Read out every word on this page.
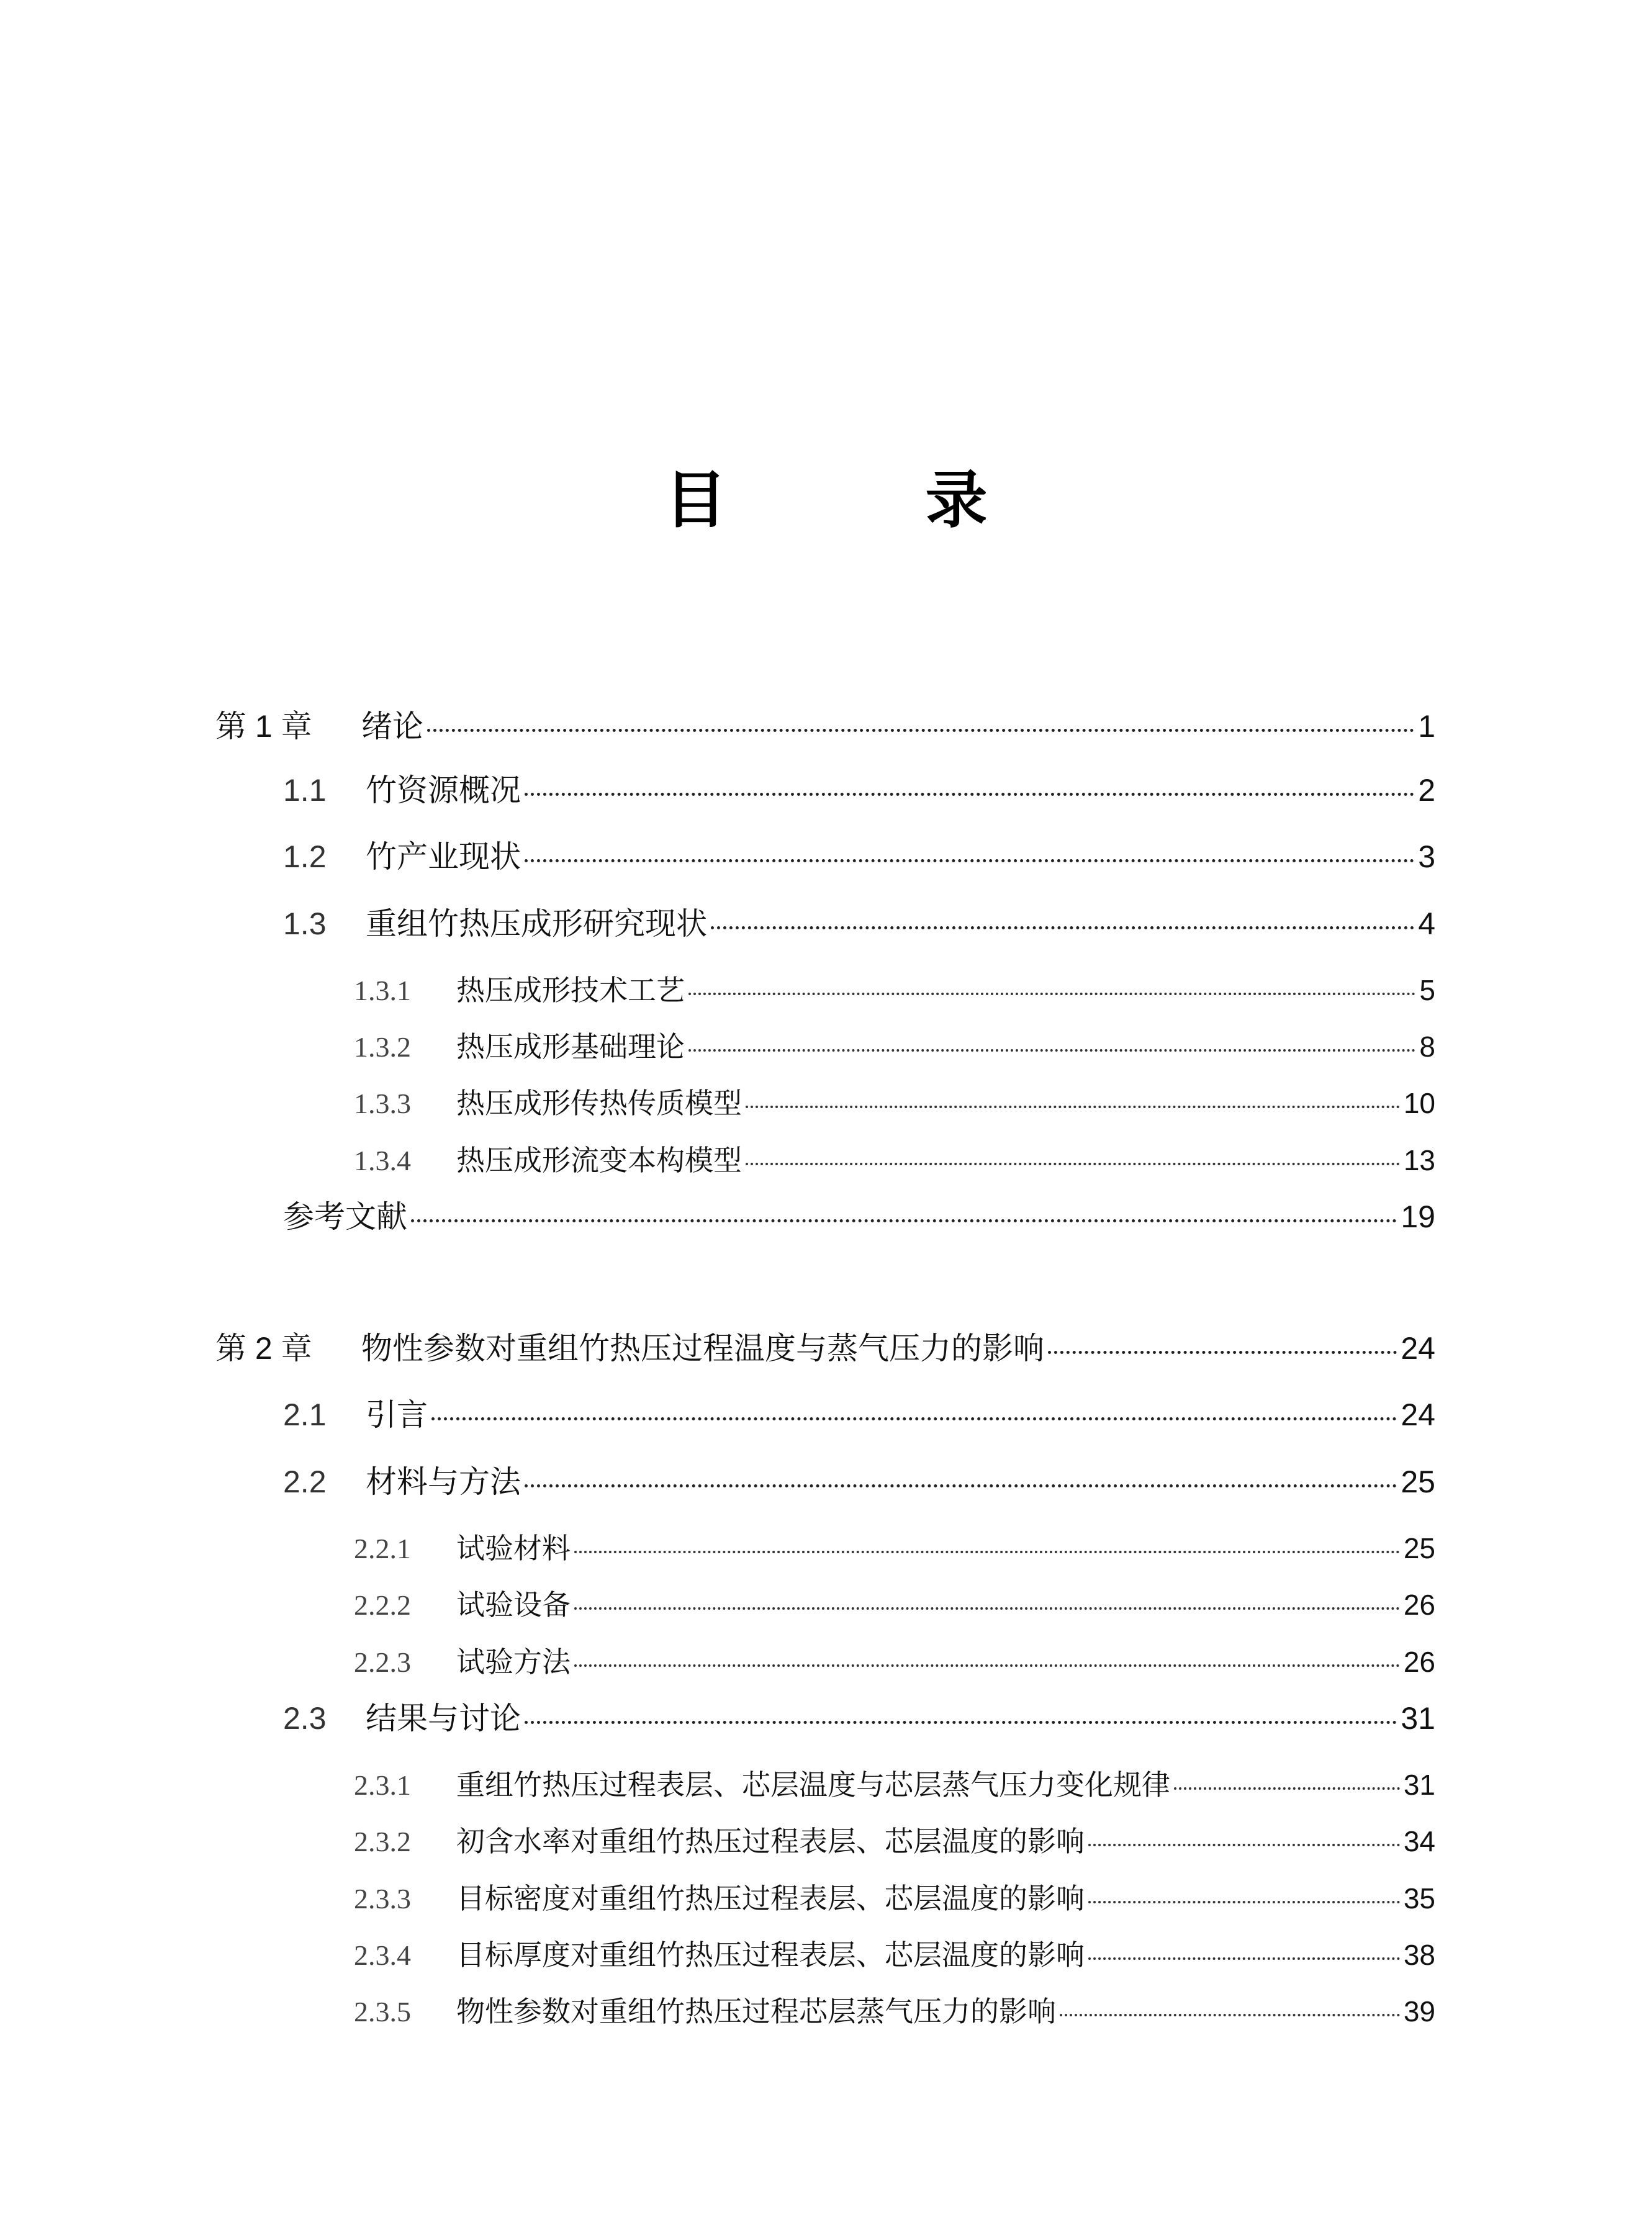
目　录
第 1 章	绪论	1
1.1	竹资源概况	2
1.2	竹产业现状	3
1.3	重组竹热压成形研究现状	4
1.3.1	热压成形技术工艺	5
1.3.2	热压成形基础理论	8
1.3.3	热压成形传热传质模型	10
1.3.4	热压成形流变本构模型	13
参考文献	19
第 2 章	物性参数对重组竹热压过程温度与蒸气压力的影响	24
2.1	引言	24
2.2	材料与方法	25
2.2.1	试验材料	25
2.2.2	试验设备	26
2.2.3	试验方法	26
2.3	结果与讨论	31
2.3.1	重组竹热压过程表层、芯层温度与芯层蒸气压力变化规律	31
2.3.2	初含水率对重组竹热压过程表层、芯层温度的影响	34
2.3.3	目标密度对重组竹热压过程表层、芯层温度的影响	35
2.3.4	目标厚度对重组竹热压过程表层、芯层温度的影响	38
2.3.5	物性参数对重组竹热压过程芯层蒸气压力的影响	39
